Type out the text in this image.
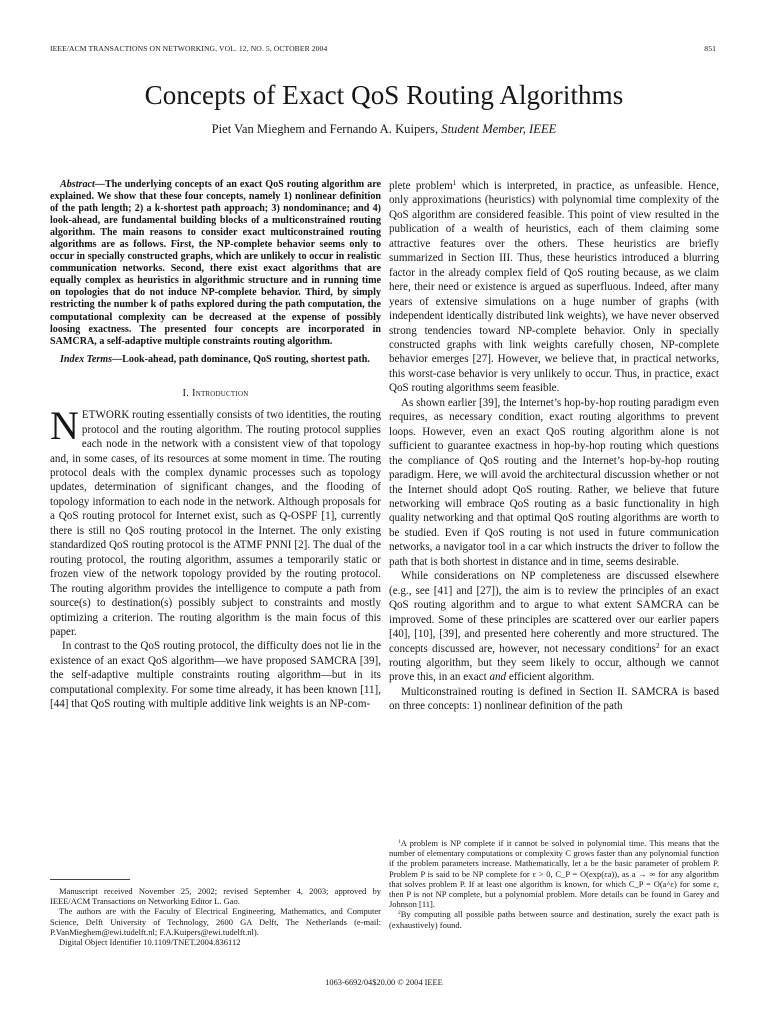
IEEE/ACM TRANSACTIONS ON NETWORKING, VOL. 12, NO. 5, OCTOBER 2004	851
Concepts of Exact QoS Routing Algorithms
Piet Van Mieghem and Fernando A. Kuipers, Student Member, IEEE

Abstract—The underlying concepts of an exact QoS routing algorithm are explained. We show that these four concepts, namely 1) nonlinear definition of the path length; 2) a k-shortest path approach; 3) nondominance; and 4) look-ahead, are fundamental building blocks of a multiconstrained routing algorithm. The main reasons to consider exact multiconstrained routing algorithms are as follows. First, the NP-complete behavior seems only to occur in specially constructed graphs, which are unlikely to occur in realistic communication networks. Second, there exist exact algorithms that are equally complex as heuristics in algorithmic structure and in running time on topologies that do not induce NP-complete behavior. Third, by simply restricting the number k of paths explored during the path computation, the computational complexity can be decreased at the expense of possibly loosing exactness. The presented four concepts are incorporated in SAMCRA, a self-adaptive multiple constraints routing algorithm.

Index Terms—Look-ahead, path dominance, QoS routing, shortest path.

I. Introduction

NETWORK routing essentially consists of two identities, the routing protocol and the routing algorithm. The routing protocol supplies each node in the network with a consistent view of that topology and, in some cases, of its resources at some moment in time. The routing protocol deals with the complex dynamic processes such as topology updates, determination of significant changes, and the flooding of topology information to each node in the network. Although proposals for a QoS routing protocol for Internet exist, such as Q-OSPF [1], currently there is still no QoS routing protocol in the Internet. The only existing standardized QoS routing protocol is the ATMF PNNI [2]. The dual of the routing protocol, the routing algorithm, assumes a temporarily static or frozen view of the network topology provided by the routing protocol. The routing algorithm provides the intelligence to compute a path from source(s) to destination(s) possibly subject to constraints and mostly optimizing a criterion. The routing algorithm is the main focus of this paper.

In contrast to the QoS routing protocol, the difficulty does not lie in the existence of an exact QoS algorithm—we have proposed SAMCRA [39], the self-adaptive multiple constraints routing algorithm—but in its computational complexity. For some time already, it has been known [11], [44] that QoS routing with multiple additive link weights is an NP-com-

Manuscript received November 25, 2002; revised September 4, 2003; approved by IEEE/ACM Transactions on Networking Editor L. Gao.

The authors are with the Faculty of Electrical Engineering, Mathematics, and Computer Science, Delft University of Technology, 2600 GA Delft, The Netherlands (e-mail: P.VanMieghem@ewi.tudelft.nl; F.A.Kuipers@ewi.tudelft.nl).

Digital Object Identifier 10.1109/TNET.2004.836112

plete problem$^1$ which is interpreted, in practice, as unfeasible. Hence, only approximations (heuristics) with polynomial time complexity of the QoS algorithm are considered feasible. This point of view resulted in the publication of a wealth of heuristics, each of them claiming some attractive features over the others. These heuristics are briefly summarized in Section III. Thus, these heuristics introduced a blurring factor in the already complex field of QoS routing because, as we claim here, their need or existence is argued as superfluous. Indeed, after many years of extensive simulations on a huge number of graphs (with independent identically distributed link weights), we have never observed strong tendencies toward NP-complete behavior. Only in specially constructed graphs with link weights carefully chosen, NP-complete behavior emerges [27]. However, we believe that, in practical networks, this worst-case behavior is very unlikely to occur. Thus, in practice, exact QoS routing algorithms seem feasible.

As shown earlier [39], the Internet’s hop-by-hop routing paradigm even requires, as necessary condition, exact routing algorithms to prevent loops. However, even an exact QoS routing algorithm alone is not sufficient to guarantee exactness in hop-by-hop routing which questions the compliance of QoS routing and the Internet’s hop-by-hop routing paradigm. Here, we will avoid the architectural discussion whether or not the Internet should adopt QoS routing. Rather, we believe that future networking will embrace QoS routing as a basic functionality in high quality networking and that optimal QoS routing algorithms are worth to be studied. Even if QoS routing is not used in future communication networks, a navigator tool in a car which instructs the driver to follow the path that is both shortest in distance and in time, seems desirable.

While considerations on NP completeness are discussed elsewhere (e.g., see [41] and [27]), the aim is to review the principles of an exact QoS routing algorithm and to argue to what extent SAMCRA can be improved. Some of these principles are scattered over our earlier papers [40], [10], [39], and presented here coherently and more structured. The concepts discussed are, however, not necessary conditions$^2$ for an exact routing algorithm, but they seem likely to occur, although we cannot prove this, in an exact and efficient algorithm.

Multiconstrained routing is defined in Section II. SAMCRA is based on three concepts: 1) nonlinear definition of the path

$^1$A problem is NP complete if it cannot be solved in polynomial time. This means that the number of elementary computations or complexity C grows faster than any polynomial function if the problem parameters increase. Mathematically, let a be the basic parameter of problem P. Problem P is said to be NP complete for ε > 0, C_P = O(exp(εa)), as a → ∞ for any algorithm that solves problem P. If at least one algorithm is known, for which C_P = O(a^ε) for some ε, then P is not NP complete, but a polynomial problem. More details can be found in Garey and Johnson [11].

$^2$By computing all possible paths between source and destination, surely the exact path is (exhaustively) found.

1063-6692/04$20.00 © 2004 IEEE
